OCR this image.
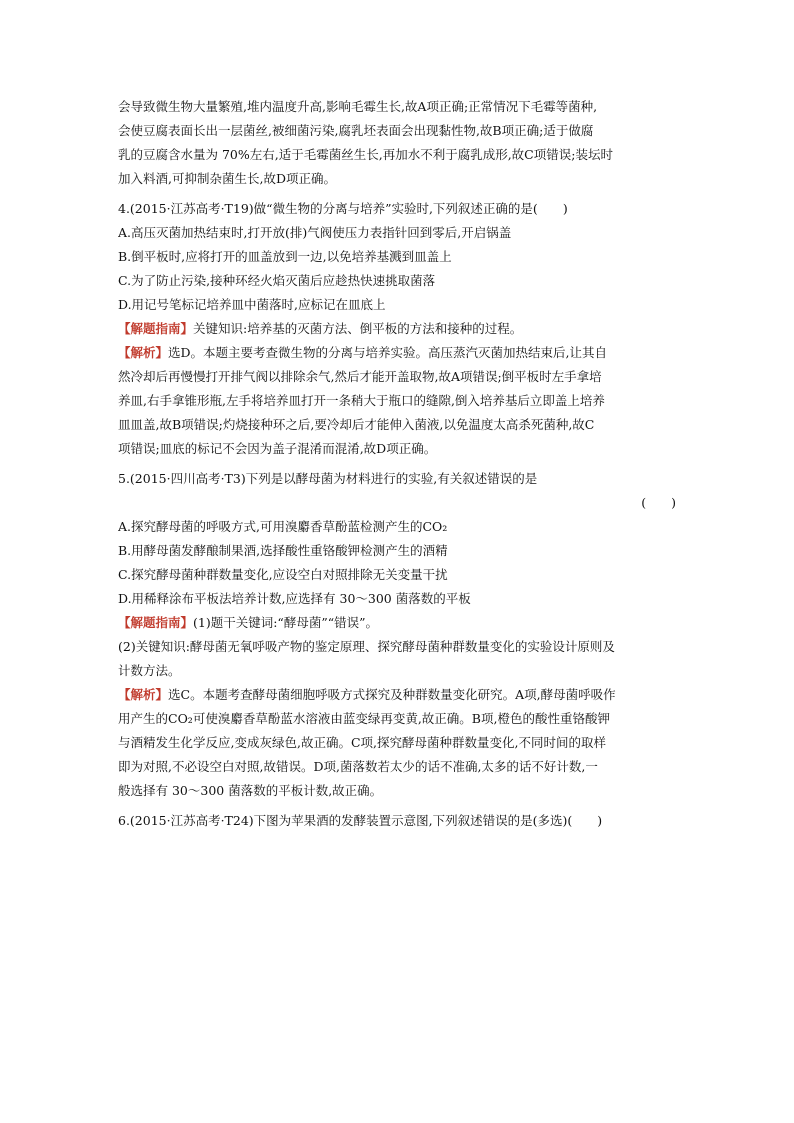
会导致微生物大量繁殖,堆内温度升高,影响毛霉生长,故A项正确;正常情况下毛霉等菌种,
会使豆腐表面长出一层菌丝,被细菌污染,腐乳坯表面会出现黏性物,故B项正确;适于做腐
乳的豆腐含水量为 70%左右,适于毛霉菌丝生长,再加水不利于腐乳成形,故C项错误;装坛时
加入料酒,可抑制杂菌生长,故D项正确。
4.(2015·江苏高考·T19)做“微生物的分离与培养”实验时,下列叙述正确的是(　　)
A.高压灭菌加热结束时,打开放(排)气阀使压力表指针回到零后,开启锅盖
B.倒平板时,应将打开的皿盖放到一边,以免培养基溅到皿盖上
C.为了防止污染,接种环经火焰灭菌后应趁热快速挑取菌落
D.用记号笔标记培养皿中菌落时,应标记在皿底上
【解题指南】关键知识:培养基的灭菌方法、倒平板的方法和接种的过程。
【解析】选D。本题主要考查微生物的分离与培养实验。高压蒸汽灭菌加热结束后,让其自
然冷却后再慢慢打开排气阀以排除余气,然后才能开盖取物,故A项错误;倒平板时左手拿培
养皿,右手拿锥形瓶,左手将培养皿打开一条稍大于瓶口的缝隙,倒入培养基后立即盖上培养
皿皿盖,故B项错误;灼烧接种环之后,要冷却后才能伸入菌液,以免温度太高杀死菌种,故C
项错误;皿底的标记不会因为盖子混淆而混淆,故D项正确。
5.(2015·四川高考·T3)下列是以酵母菌为材料进行的实验,有关叙述错误的是
(　　)
A.探究酵母菌的呼吸方式,可用溴麝香草酚蓝检测产生的CO₂
B.用酵母菌发酵酿制果酒,选择酸性重铬酸钾检测产生的酒精
C.探究酵母菌种群数量变化,应设空白对照排除无关变量干扰
D.用稀释涂布平板法培养计数,应选择有 30～300 菌落数的平板
【解题指南】(1)题干关键词:“酵母菌”“错误”。
(2)关键知识:酵母菌无氧呼吸产物的鉴定原理、探究酵母菌种群数量变化的实验设计原则及
计数方法。
【解析】选C。本题考查酵母菌细胞呼吸方式探究及种群数量变化研究。A项,酵母菌呼吸作
用产生的CO₂可使溴麝香草酚蓝水溶液由蓝变绿再变黄,故正确。B项,橙色的酸性重铬酸钾
与酒精发生化学反应,变成灰绿色,故正确。C项,探究酵母菌种群数量变化,不同时间的取样
即为对照,不必设空白对照,故错误。D项,菌落数若太少的话不准确,太多的话不好计数,一
般选择有 30～300 菌落数的平板计数,故正确。
6.(2015·江苏高考·T24)下图为苹果酒的发酵装置示意图,下列叙述错误的是(多选)(　　)
